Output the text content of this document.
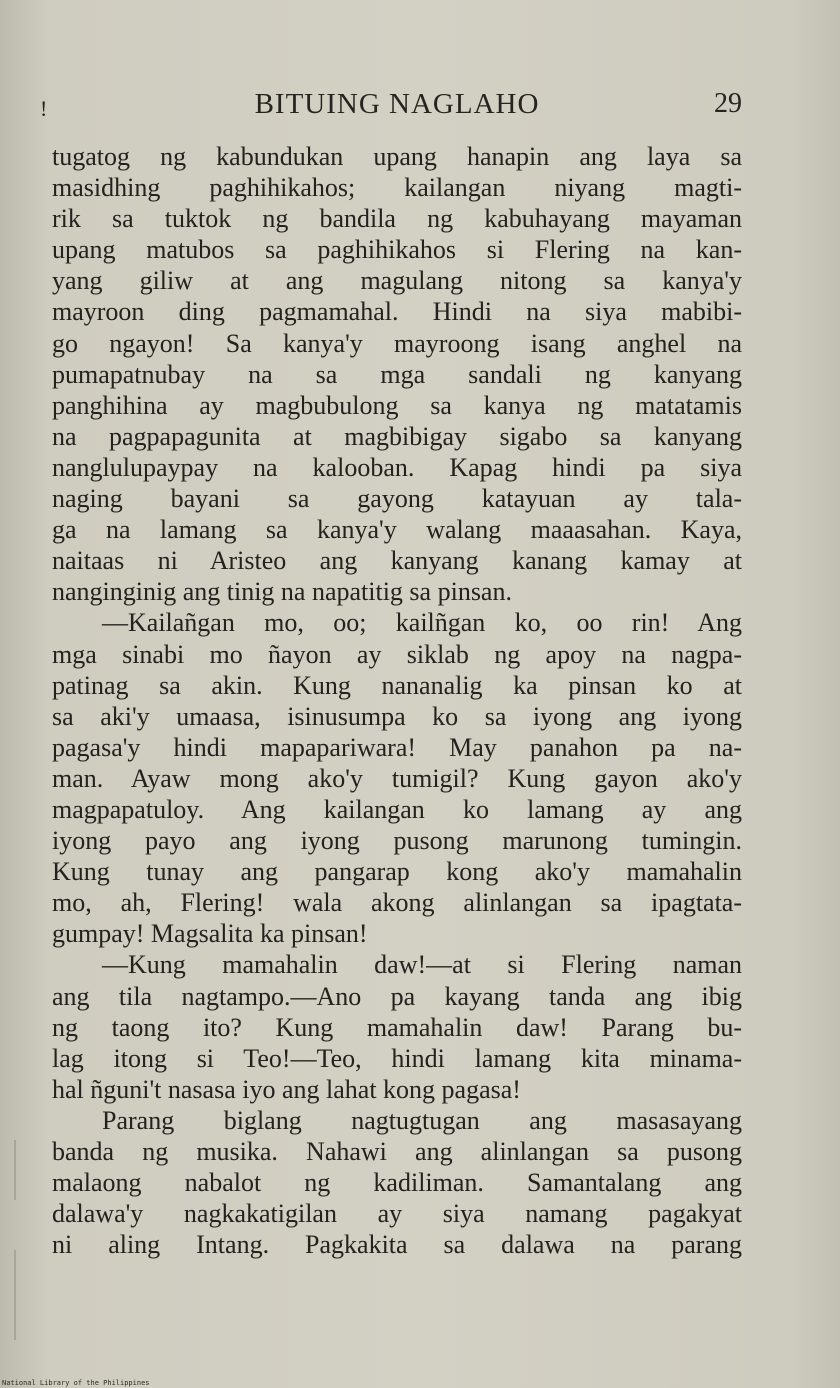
!	BITUING NAGLAHO	29
tugatog ng kabundukan upang hanapin ang laya sa
masidhing paghihikahos; kailangan niyang magti-
rik sa tuktok ng bandila ng kabuhayang mayaman
upang matubos sa paghihikahos si Flering na kan-
yang giliw at ang magulang nitong sa kanya'y
mayroon ding pagmamahal. Hindi na siya mabibi-
go ngayon! Sa kanya'y mayroong isang anghel na
pumapatnubay na sa mga sandali ng kanyang
panghihina ay magbubulong sa kanya ng matatamis
na pagpapagunita at magbibigay sigabo sa kanyang
nanglulupaypay na kalooban. Kapag hindi pa siya
naging bayani sa gayong katayuan ay tala-
ga na lamang sa kanya'y walang maaasahan. Kaya,
naitaas ni Aristeo ang kanyang kanang kamay at
nanginginig ang tinig na napatitig sa pinsan.
—Kailañgan mo, oo; kailñgan ko, oo rin! Ang
mga sinabi mo ñayon ay siklab ng apoy na nagpa-
patinag sa akin. Kung nananalig ka pinsan ko at
sa aki'y umaasa, isinusumpa ko sa iyong ang iyong
pagasa'y hindi mapapariwara! May panahon pa na-
man. Ayaw mong ako'y tumigil? Kung gayon ako'y
magpapatuloy. Ang kailangan ko lamang ay ang
iyong payo ang iyong pusong marunong tumingin.
Kung tunay ang pangarap kong ako'y mamahalin
mo, ah, Flering! wala akong alinlangan sa ipagtata-
gumpay! Magsalita ka pinsan!
—Kung mamahalin daw!—at si Flering naman
ang tila nagtampo.—Ano pa kayang tanda ang ibig
ng taong ito? Kung mamahalin daw! Parang bu-
lag itong si Teo!—Teo, hindi lamang kita minama-
hal ñguni't nasasa iyo ang lahat kong pagasa!
Parang biglang nagtugtugan ang masasayang
banda ng musika. Nahawi ang alinlangan sa pusong
malaong nabalot ng kadiliman. Samantalang ang
dalawa'y nagkakatigilan ay siya namang pagakyat
ni aling Intang. Pagkakita sa dalawa na parang
National Library of the Philippines
